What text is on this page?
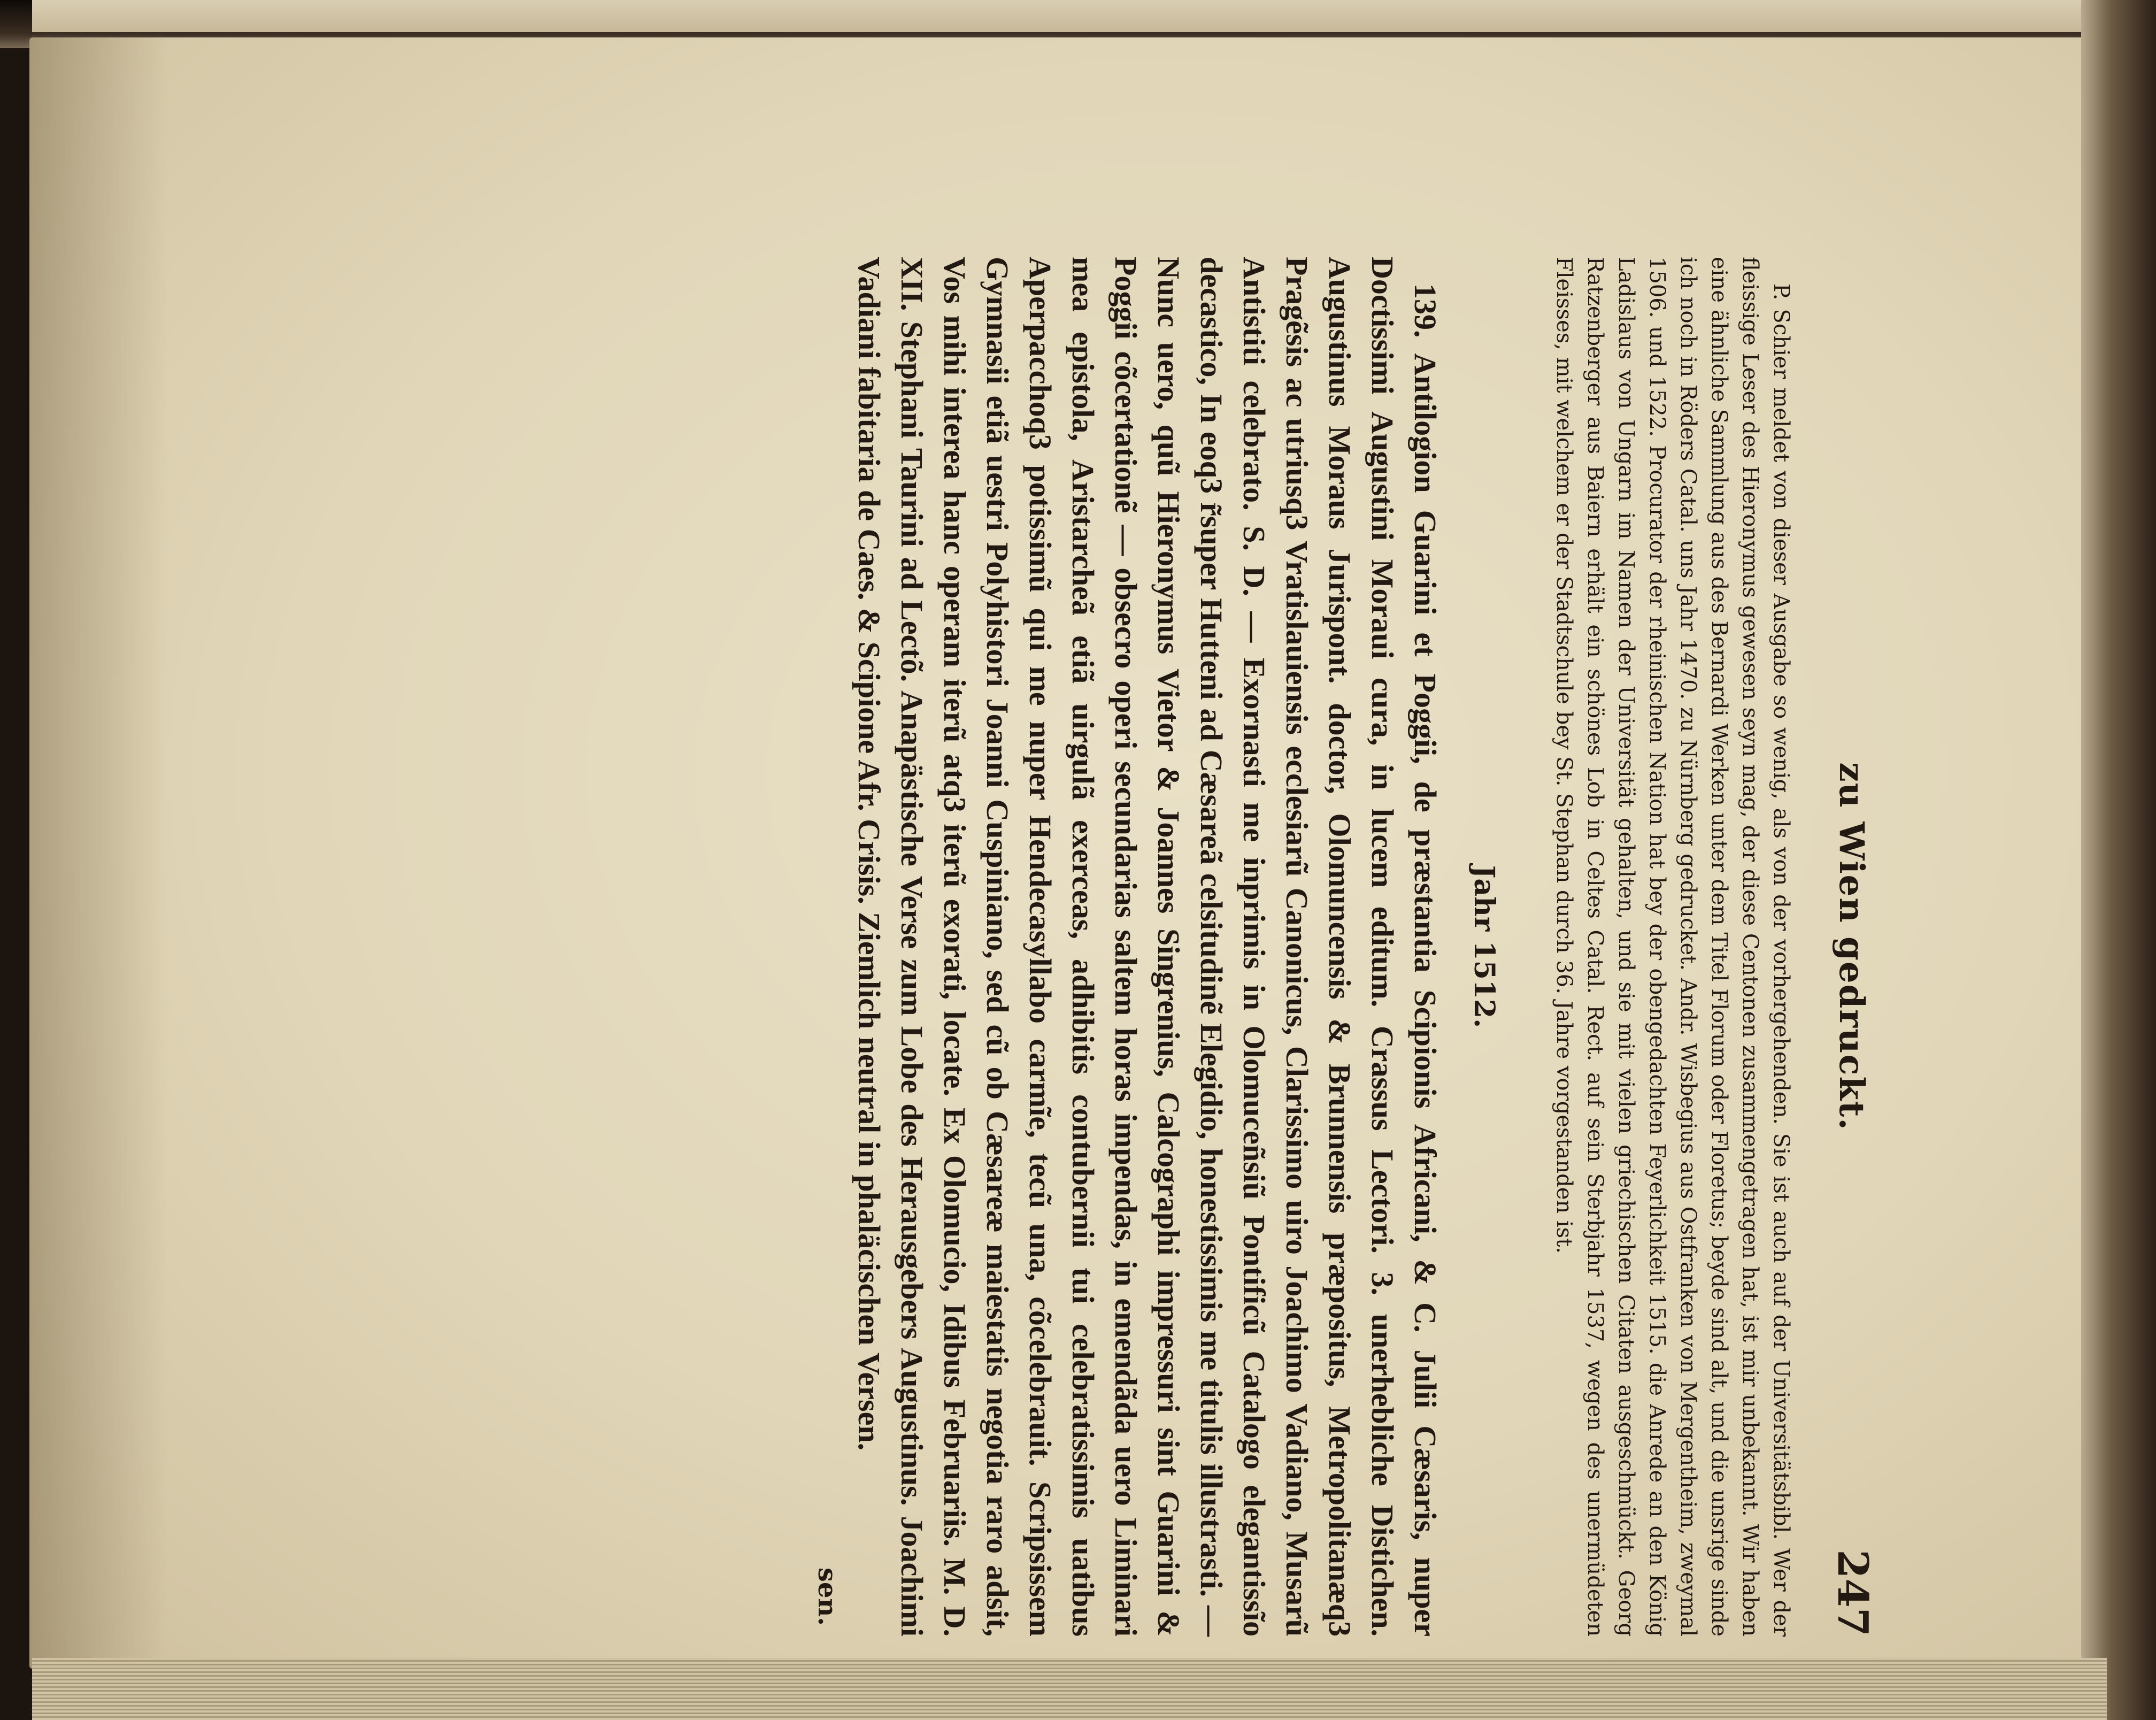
zu Wien gedruckt.
247

P. Schier meldet von dieser Ausgabe so wenig, als von der vorhergehenden. Sie ist auch auf der Universitätsbibl. Wer der fleissige Leser des Hieronymus gewesen seyn mag, der diese Centonen zusammengetragen hat, ist mir unbekannt. Wir haben eine ähnliche Sammlung aus des Bernardi Werken unter dem Titel Florum oder Floretus; beyde sind alt, und die unsrige sinde ich noch in Röders Catal. uns Jahr 1470. zu Nürnberg gedrucket. Andr. Wisbegius aus Ostfranken von Mergentheim, zweymal 1506. und 1522. Procurator der rheinischen Nation hat bey der obengedachten Feyerlichkeit 1515. die Anrede an den König Ladislaus von Ungarn im Namen der Universität gehalten, und sie mit vielen griechischen Citaten ausgeschmückt. Georg Ratzenberger aus Baiern erhält ein schönes Lob in Celtes Catal. Rect. auf sein Sterbjahr 1537, wegen des unermüdeten Fleisses, mit welchem er der Stadtschule bey St. Stephan durch 36. Jahre vorgestanden ist.

Jahr 1512.

139. Antilogion Guarini et Poggii, de præstantia Scipionis Africani, & C. Julii Cæsaris, nuper Doctissimi Augustini Moraui cura, in lucem editum. Crassus Lectori. 3. unerhebliche Distichen. Augustinus Moraus Jurispont. doctor, Olomuncensis & Brunnensis præpositus, Metropolitanæq3 Pragẽsis ac utriusq3 Vratislauiensis ecclesiarũ Canonicus, Clarissimo uiro Joachimo Vadiano, Musarũ Antistiti celebrato. S. D. — Exornasti me inprimis in Olomuceñsiũ Pontificũ Catalogo elegantissĩo decastico, In eoq3 r̃super Hutteni ad Cæsareã celsitudinẽ Elegidio, honestissimis me titulis illustrasti. — Nunc uero, quũ Hieronymus Vietor & Joannes Singrenius, Calcographi impressuri sint Guarini & Poggii cõcertationẽ — obsecro operi secundarias saltem horas impendas, in emendãda uero Liminari mea epistola, Aristarcheã etiã uirgulã exerceas, adhibitis contubernii tui celebratissimis uatibus Aperpacchoq3 potissimũ qui me nuper Hendecasyllabo carmĩe, tecũ una, cõcelebrauit. Scripsissem Gymnasii etiã uestri Polyhistori Joanni Cuspiniano, sed cũ ob Cæsareæ maiestatis negotia raro adsit, Vos mihi interea hanc operam iterũ atq3 iterũ exorati, locate. Ex Olomucio, Idibus Februariis. M. D. XII. Stephani Taurini ad Lectõ. Anapästische Verse zum Lobe des Herausgebers Augustinus. Joachimi Vadiani fabitaria de Caes. & Scipione Afr. Crisis. Ziemlich neutral in phaläcischen Versen.

sen.
